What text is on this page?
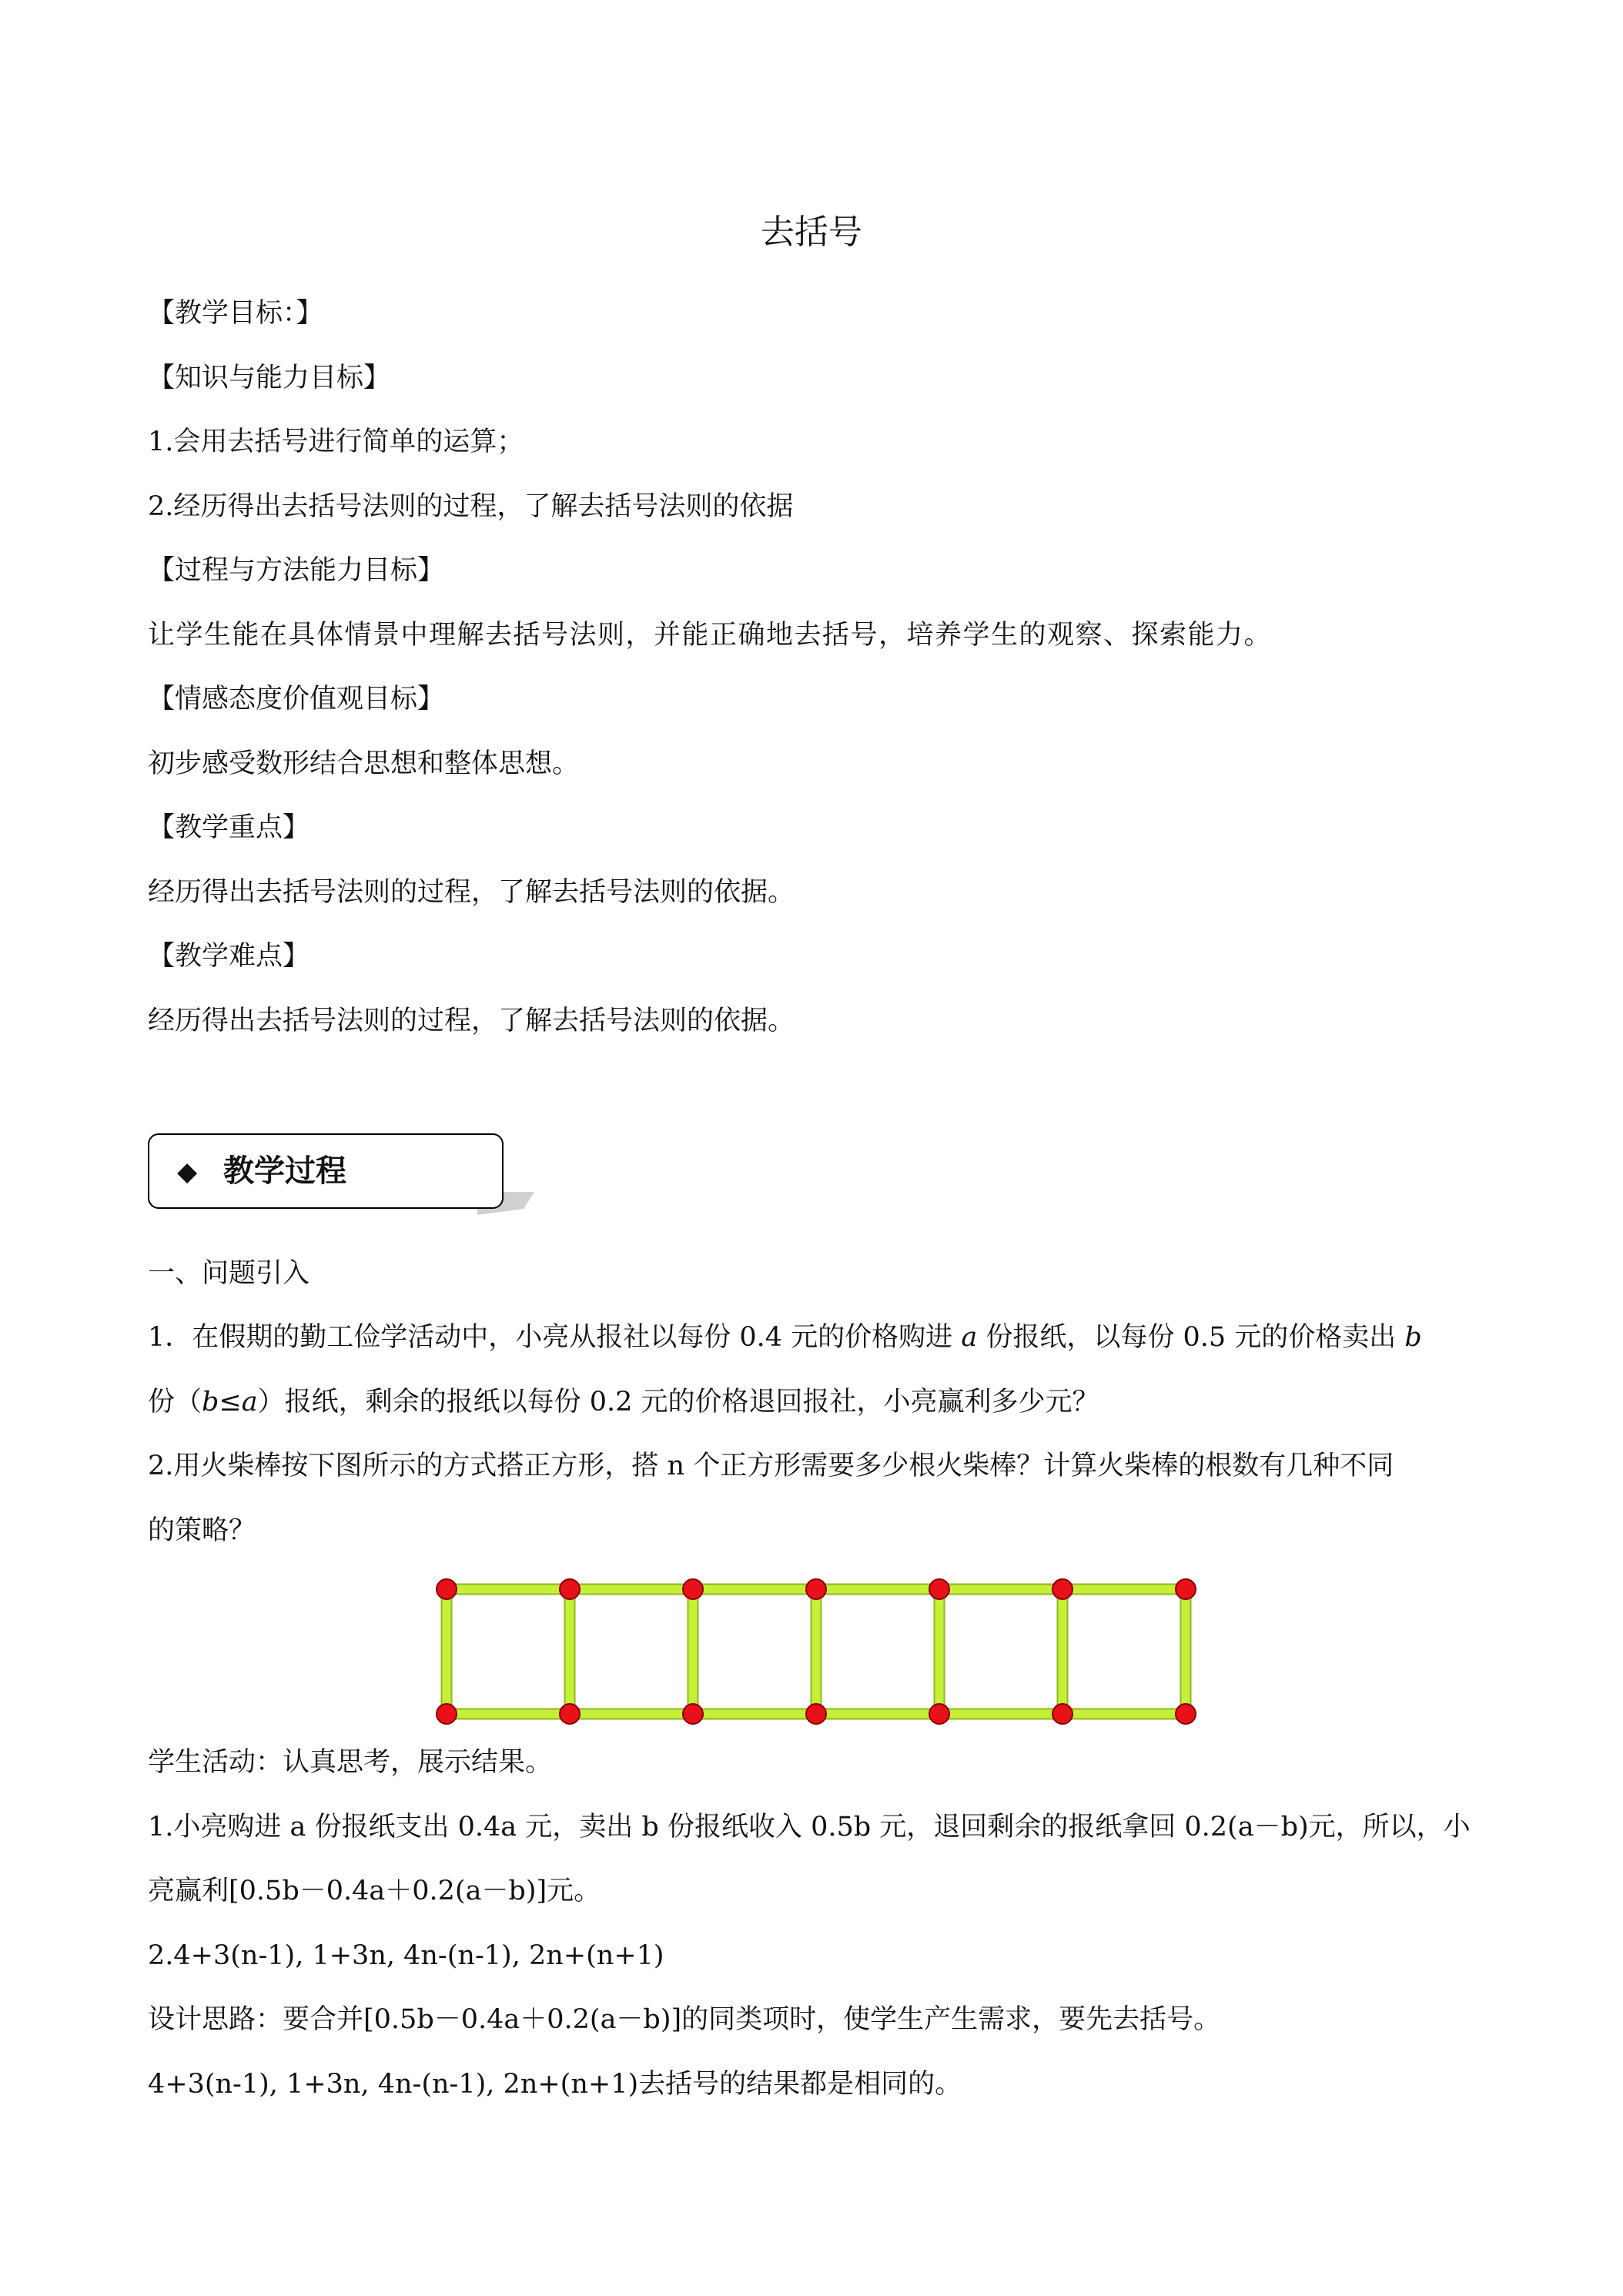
去括号
【教学目标：】
【知识与能力目标】
1.会用去括号进行简单的运算；
2.经历得出去括号法则的过程，了解去括号法则的依据
【过程与方法能力目标】
让学生能在具体情景中理解去括号法则，并能正确地去括号，培养学生的观察、探索能力。
【情感态度价值观目标】
初步感受数形结合思想和整体思想。
【教学重点】
经历得出去括号法则的过程，了解去括号法则的依据。
【教学难点】
经历得出去括号法则的过程，了解去括号法则的依据。
◆ 教学过程
一、问题引入
1．在假期的勤工俭学活动中，小亮从报社以每份 0.4 元的价格购进 a 份报纸，以每份 0.5 元的价格卖出 b
份（b≤a）报纸，剩余的报纸以每份 0.2 元的价格退回报社，小亮赢利多少元？
2.用火柴棒按下图所示的方式搭正方形，搭 n 个正方形需要多少根火柴棒？计算火柴棒的根数有几种不同
的策略？
学生活动：认真思考，展示结果。
1.小亮购进 a 份报纸支出 0.4a 元，卖出 b 份报纸收入 0.5b 元，退回剩余的报纸拿回 0.2(a－b)元，所以，小
亮赢利[0.5b－0.4a＋0.2(a－b)]元。
2.4+3(n-1), 1+3n, 4n-(n-1), 2n+(n+1)
设计思路：要合并[0.5b－0.4a＋0.2(a－b)]的同类项时，使学生产生需求，要先去括号。
4+3(n-1), 1+3n, 4n-(n-1), 2n+(n+1)去括号的结果都是相同的。
